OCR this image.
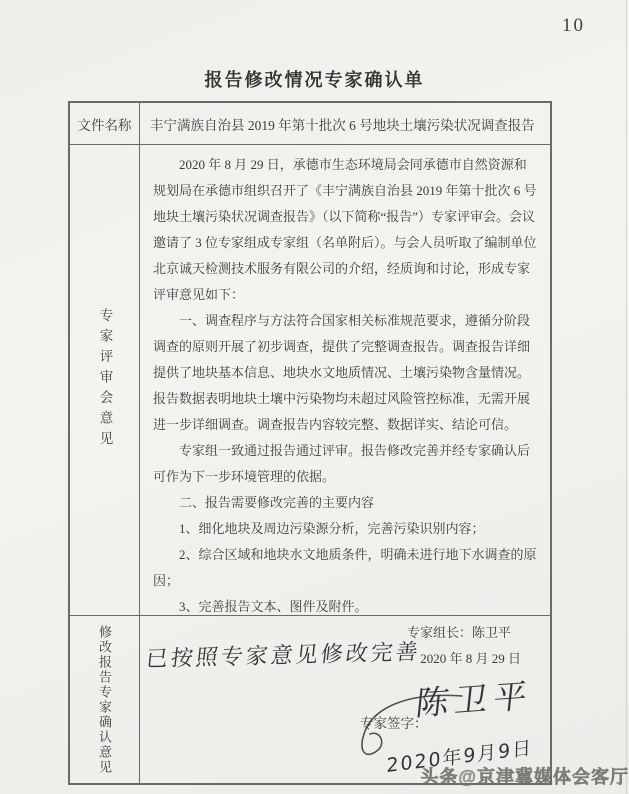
10
报告修改情况专家确认单
文件名称	丰宁满族自治县 2019 年第十批次 6 号地块土壤污染状况调查报告
专家评审会意见

2020 年 8 月 29 日，承德市生态环境局会同承德市自然资源和规划局在承德市组织召开了《丰宁满族自治县 2019 年第十批次 6 号地块土壤污染状况调查报告》（以下简称“报告”）专家评审会。会议邀请了 3 位专家组成专家组（名单附后）。与会人员听取了编制单位北京诚天检测技术服务有限公司的介绍，经质询和讨论，形成专家评审意见如下：

一、调查程序与方法符合国家相关标准规范要求，遵循分阶段调查的原则开展了初步调查，提供了完整调查报告。调查报告详细提供了地块基本信息、地块水文地质情况、土壤污染物含量情况。报告数据表明地块土壤中污染物均未超过风险管控标准，无需开展进一步详细调查。调查报告内容较完整、数据详实、结论可信。

专家组一致通过报告通过评审。报告修改完善并经专家确认后可作为下一步环境管理的依据。

二、报告需要修改完善的主要内容

1、细化地块及周边污染源分析，完善污染识别内容；

2、综合区域和地块水文地质条件，明确未进行地下水调查的原因；

3、完善报告文本、图件及附件。

专家组长：陈卫平
2020 年 8 月 29 日
修改报告专家确认意见 已按照专家意见修改完善
专家签字：
陈卫平
2020年9月9日
头条@京津冀媒体会客厅
